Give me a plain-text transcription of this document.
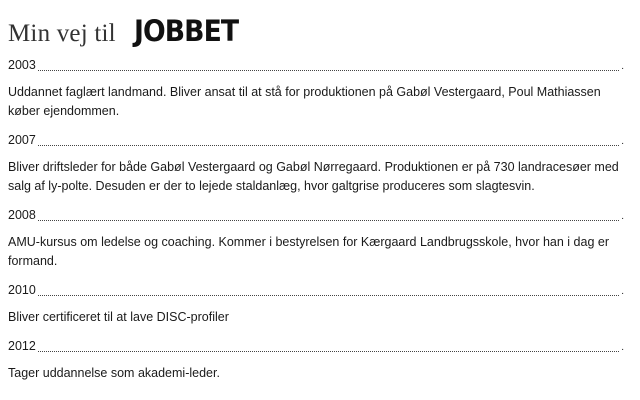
Min vej til JOBBET
2003	.

Uddannet faglært landmand. Bliver ansat til at stå for produktionen på Gabøl Vestergaard, Poul Mathiassen køber ejendommen.

2007	.

Bliver driftsleder for både Gabøl Vestergaard og Gabøl Nørregaard. Produktionen er på 730 landracesøer med salg af ly-polte. Desuden er der to lejede staldanlæg, hvor galtgrise produceres som slagtesvin.

2008	.

AMU-kursus om ledelse og coaching. Kommer i bestyrelsen for Kærgaard Landbrugsskole, hvor han i dag er formand.

2010	.

Bliver certificeret til at lave DISC-profiler

2012	.

Tager uddannelse som akademi-leder.
